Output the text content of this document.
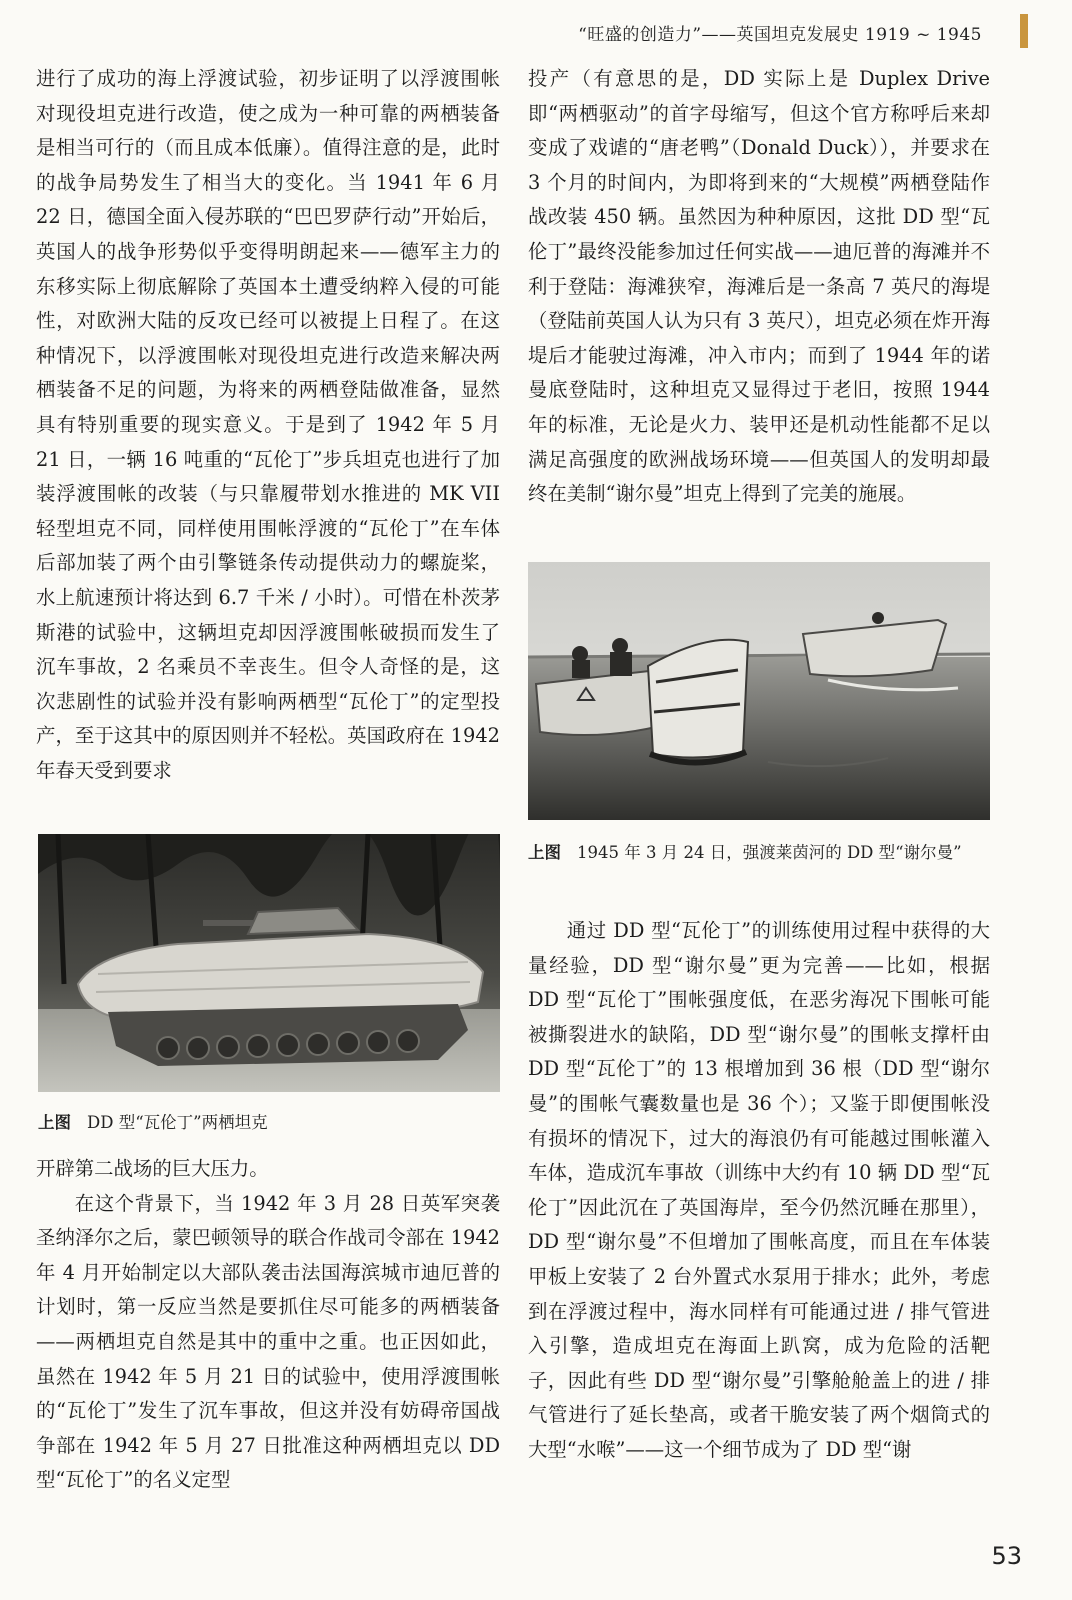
“旺盛的创造力”——英国坦克发展史 1919 ~ 1945

进行了成功的海上浮渡试验，初步证明了以浮渡围帐对现役坦克进行改造，使之成为一种可靠的两栖装备是相当可行的（而且成本低廉）。值得注意的是，此时的战争局势发生了相当大的变化。当 1941 年 6 月 22 日，德国全面入侵苏联的“巴巴罗萨行动”开始后，英国人的战争形势似乎变得明朗起来——德军主力的东移实际上彻底解除了英国本土遭受纳粹入侵的可能性，对欧洲大陆的反攻已经可以被提上日程了。在这种情况下，以浮渡围帐对现役坦克进行改造来解决两栖装备不足的问题，为将来的两栖登陆做准备，显然具有特别重要的现实意义。于是到了 1942 年 5 月 21 日，一辆 16 吨重的“瓦伦丁”步兵坦克也进行了加装浮渡围帐的改装（与只靠履带划水推进的 MK VII 轻型坦克不同，同样使用围帐浮渡的“瓦伦丁”在车体后部加装了两个由引擎链条传动提供动力的螺旋桨，水上航速预计将达到 6.7 千米 / 小时）。可惜在朴茨茅斯港的试验中，这辆坦克却因浮渡围帐破损而发生了沉车事故，2 名乘员不幸丧生。但令人奇怪的是，这次悲剧性的试验并没有影响两栖型“瓦伦丁”的定型投产，至于这其中的原因则并不轻松。英国政府在 1942 年春天受到要求

上图 DD 型“瓦伦丁”两栖坦克

开辟第二战场的巨大压力。

在这个背景下，当 1942 年 3 月 28 日英军突袭圣纳泽尔之后，蒙巴顿领导的联合作战司令部在 1942 年 4 月开始制定以大部队袭击法国海滨城市迪厄普的计划时，第一反应当然是要抓住尽可能多的两栖装备——两栖坦克自然是其中的重中之重。也正因如此，虽然在 1942 年 5 月 21 日的试验中，使用浮渡围帐的“瓦伦丁”发生了沉车事故，但这并没有妨碍帝国战争部在 1942 年 5 月 27 日批准这种两栖坦克以 DD 型“瓦伦丁”的名义定型

投产（有意思的是，DD 实际上是 Duplex Drive 即“两栖驱动”的首字母缩写，但这个官方称呼后来却变成了戏谑的“唐老鸭”（Donald Duck）），并要求在 3 个月的时间内，为即将到来的“大规模”两栖登陆作战改装 450 辆。虽然因为种种原因，这批 DD 型“瓦伦丁”最终没能参加过任何实战——迪厄普的海滩并不利于登陆：海滩狭窄，海滩后是一条高 7 英尺的海堤（登陆前英国人认为只有 3 英尺），坦克必须在炸开海堤后才能驶过海滩，冲入市内；而到了 1944 年的诺曼底登陆时，这种坦克又显得过于老旧，按照 1944 年的标准，无论是火力、装甲还是机动性能都不足以满足高强度的欧洲战场环境——但英国人的发明却最终在美制“谢尔曼”坦克上得到了完美的施展。

上图 1945 年 3 月 24 日，强渡莱茵河的 DD 型“谢尔曼”

通过 DD 型“瓦伦丁”的训练使用过程中获得的大量经验，DD 型“谢尔曼”更为完善——比如，根据 DD 型“瓦伦丁”围帐强度低，在恶劣海况下围帐可能被撕裂进水的缺陷，DD 型“谢尔曼”的围帐支撑杆由 DD 型“瓦伦丁”的 13 根增加到 36 根（DD 型“谢尔曼”的围帐气囊数量也是 36 个）；又鉴于即便围帐没有损坏的情况下，过大的海浪仍有可能越过围帐灌入车体，造成沉车事故（训练中大约有 10 辆 DD 型“瓦伦丁”因此沉在了英国海岸，至今仍然沉睡在那里），DD 型“谢尔曼”不但增加了围帐高度，而且在车体装甲板上安装了 2 台外置式水泵用于排水；此外，考虑到在浮渡过程中，海水同样有可能通过进 / 排气管进入引擎，造成坦克在海面上趴窝，成为危险的活靶子，因此有些 DD 型“谢尔曼”引擎舱舱盖上的进 / 排气管进行了延长垫高，或者干脆安装了两个烟筒式的大型“水喉”——这一个细节成为了 DD 型“谢

53
